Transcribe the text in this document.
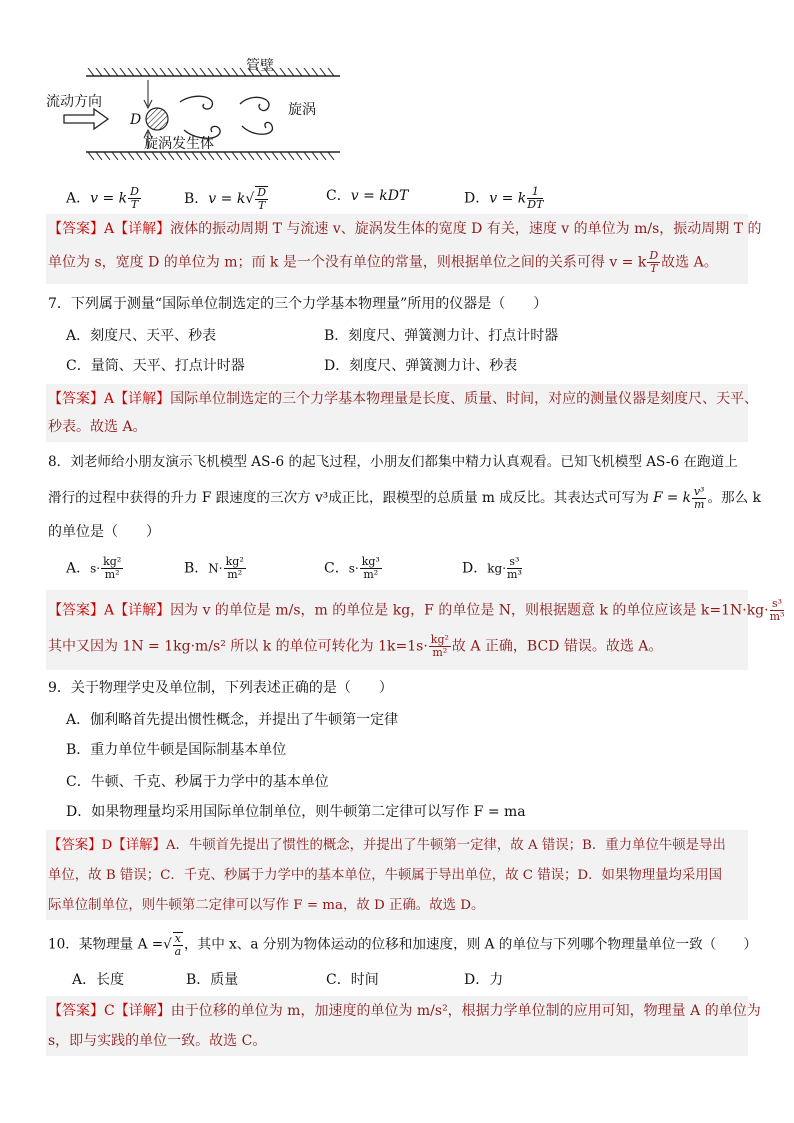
管壁
流动方向
D
旋涡
旋涡发生体
A．v = k $\frac{D}{T}$	B．$v = k√ \frac{D}{T}$	C．v = kDT	D．v = k $\frac{1}{DT}$
【答案】A【详解】液体的振动周期 T 与流速 v、旋涡发生体的宽度 D 有关，速度 v 的单位为 m/s，振动周期 T 的
单位为 s，宽度 D 的单位为 m；而 k 是一个没有单位的常量，则根据单位之间的关系可得 v = k $\frac{D}{T}$ 故选 A。
7．下列属于测量“国际单位制选定的三个力学基本物理量”所用的仪器是（　　）
A．刻度尺、天平、秒表	B．刻度尺、弹簧测力计、打点计时器
C．量筒、天平、打点计时器	D．刻度尺、弹簧测力计、秒表
【答案】A【详解】国际单位制选定的三个力学基本物理量是长度、质量、时间，对应的测量仪器是刻度尺、天平、
秒表。故选 A。
8．刘老师给小朋友演示飞机模型 AS-6 的起飞过程，小朋友们都集中精力认真观看。已知飞机模型 AS-6 在跑道上
滑行的过程中获得的升力 F 跟速度的三次方 v³成正比，跟模型的总质量 m 成反比。其表达式可写为 F = k $\frac{\text{v³}}{m}$ 。那么 k
的单位是（　　）
A．$s\cdot \frac{\text{kg²}}{\text{m²}}$	B．$N\cdot \frac{\text{kg²}}{\text{m²}}$	C．$s\cdot \frac{\text{kg³}}{\text{m²}}$	D．$kg\cdot \frac{\text{s³}}{\text{m³}}$
【答案】A【详解】因为 v 的单位是 m/s，m 的单位是 kg，F 的单位是 N，则根据题意 k 的单位应该是 $k=1N\cdot kg\cdot \frac{\text{s³}}{\text{m³}}$
其中又因为 1N = 1kg·m/s² 所以 k 的单位可转化为 $1k=1s\cdot \frac{\text{kg²}}{\text{m²}}$ 故 A 正确，BCD 错误。故选 A。
9．关于物理学史及单位制，下列表述正确的是（　　）
A．伽利略首先提出惯性概念，并提出了牛顿第一定律
B．重力单位牛顿是国际制基本单位
C．牛顿、千克、秒属于力学中的基本单位
D．如果物理量均采用国际单位制单位，则牛顿第二定律可以写作 F = ma
【答案】D【详解】A．牛顿首先提出了惯性的概念，并提出了牛顿第一定律，故 A 错误；B．重力单位牛顿是导出
单位，故 B 错误；C．千克、秒属于力学中的基本单位，牛顿属于导出单位，故 C 错误；D．如果物理量均采用国
际单位制单位，则牛顿第二定律可以写作 F = ma，故 D 正确。故选 D。
10．某物理量 A =√ $\frac{x}{a}$ ，其中 x、a 分别为物体运动的位移和加速度，则 A 的单位与下列哪个物理量单位一致（　　）
A．长度	B．质量	C．时间	D．力
【答案】C【详解】由于位移的单位为 m，加速度的单位为 m/s²，根据力学单位制的应用可知，物理量 A 的单位为
s，即与实践的单位一致。故选 C。
